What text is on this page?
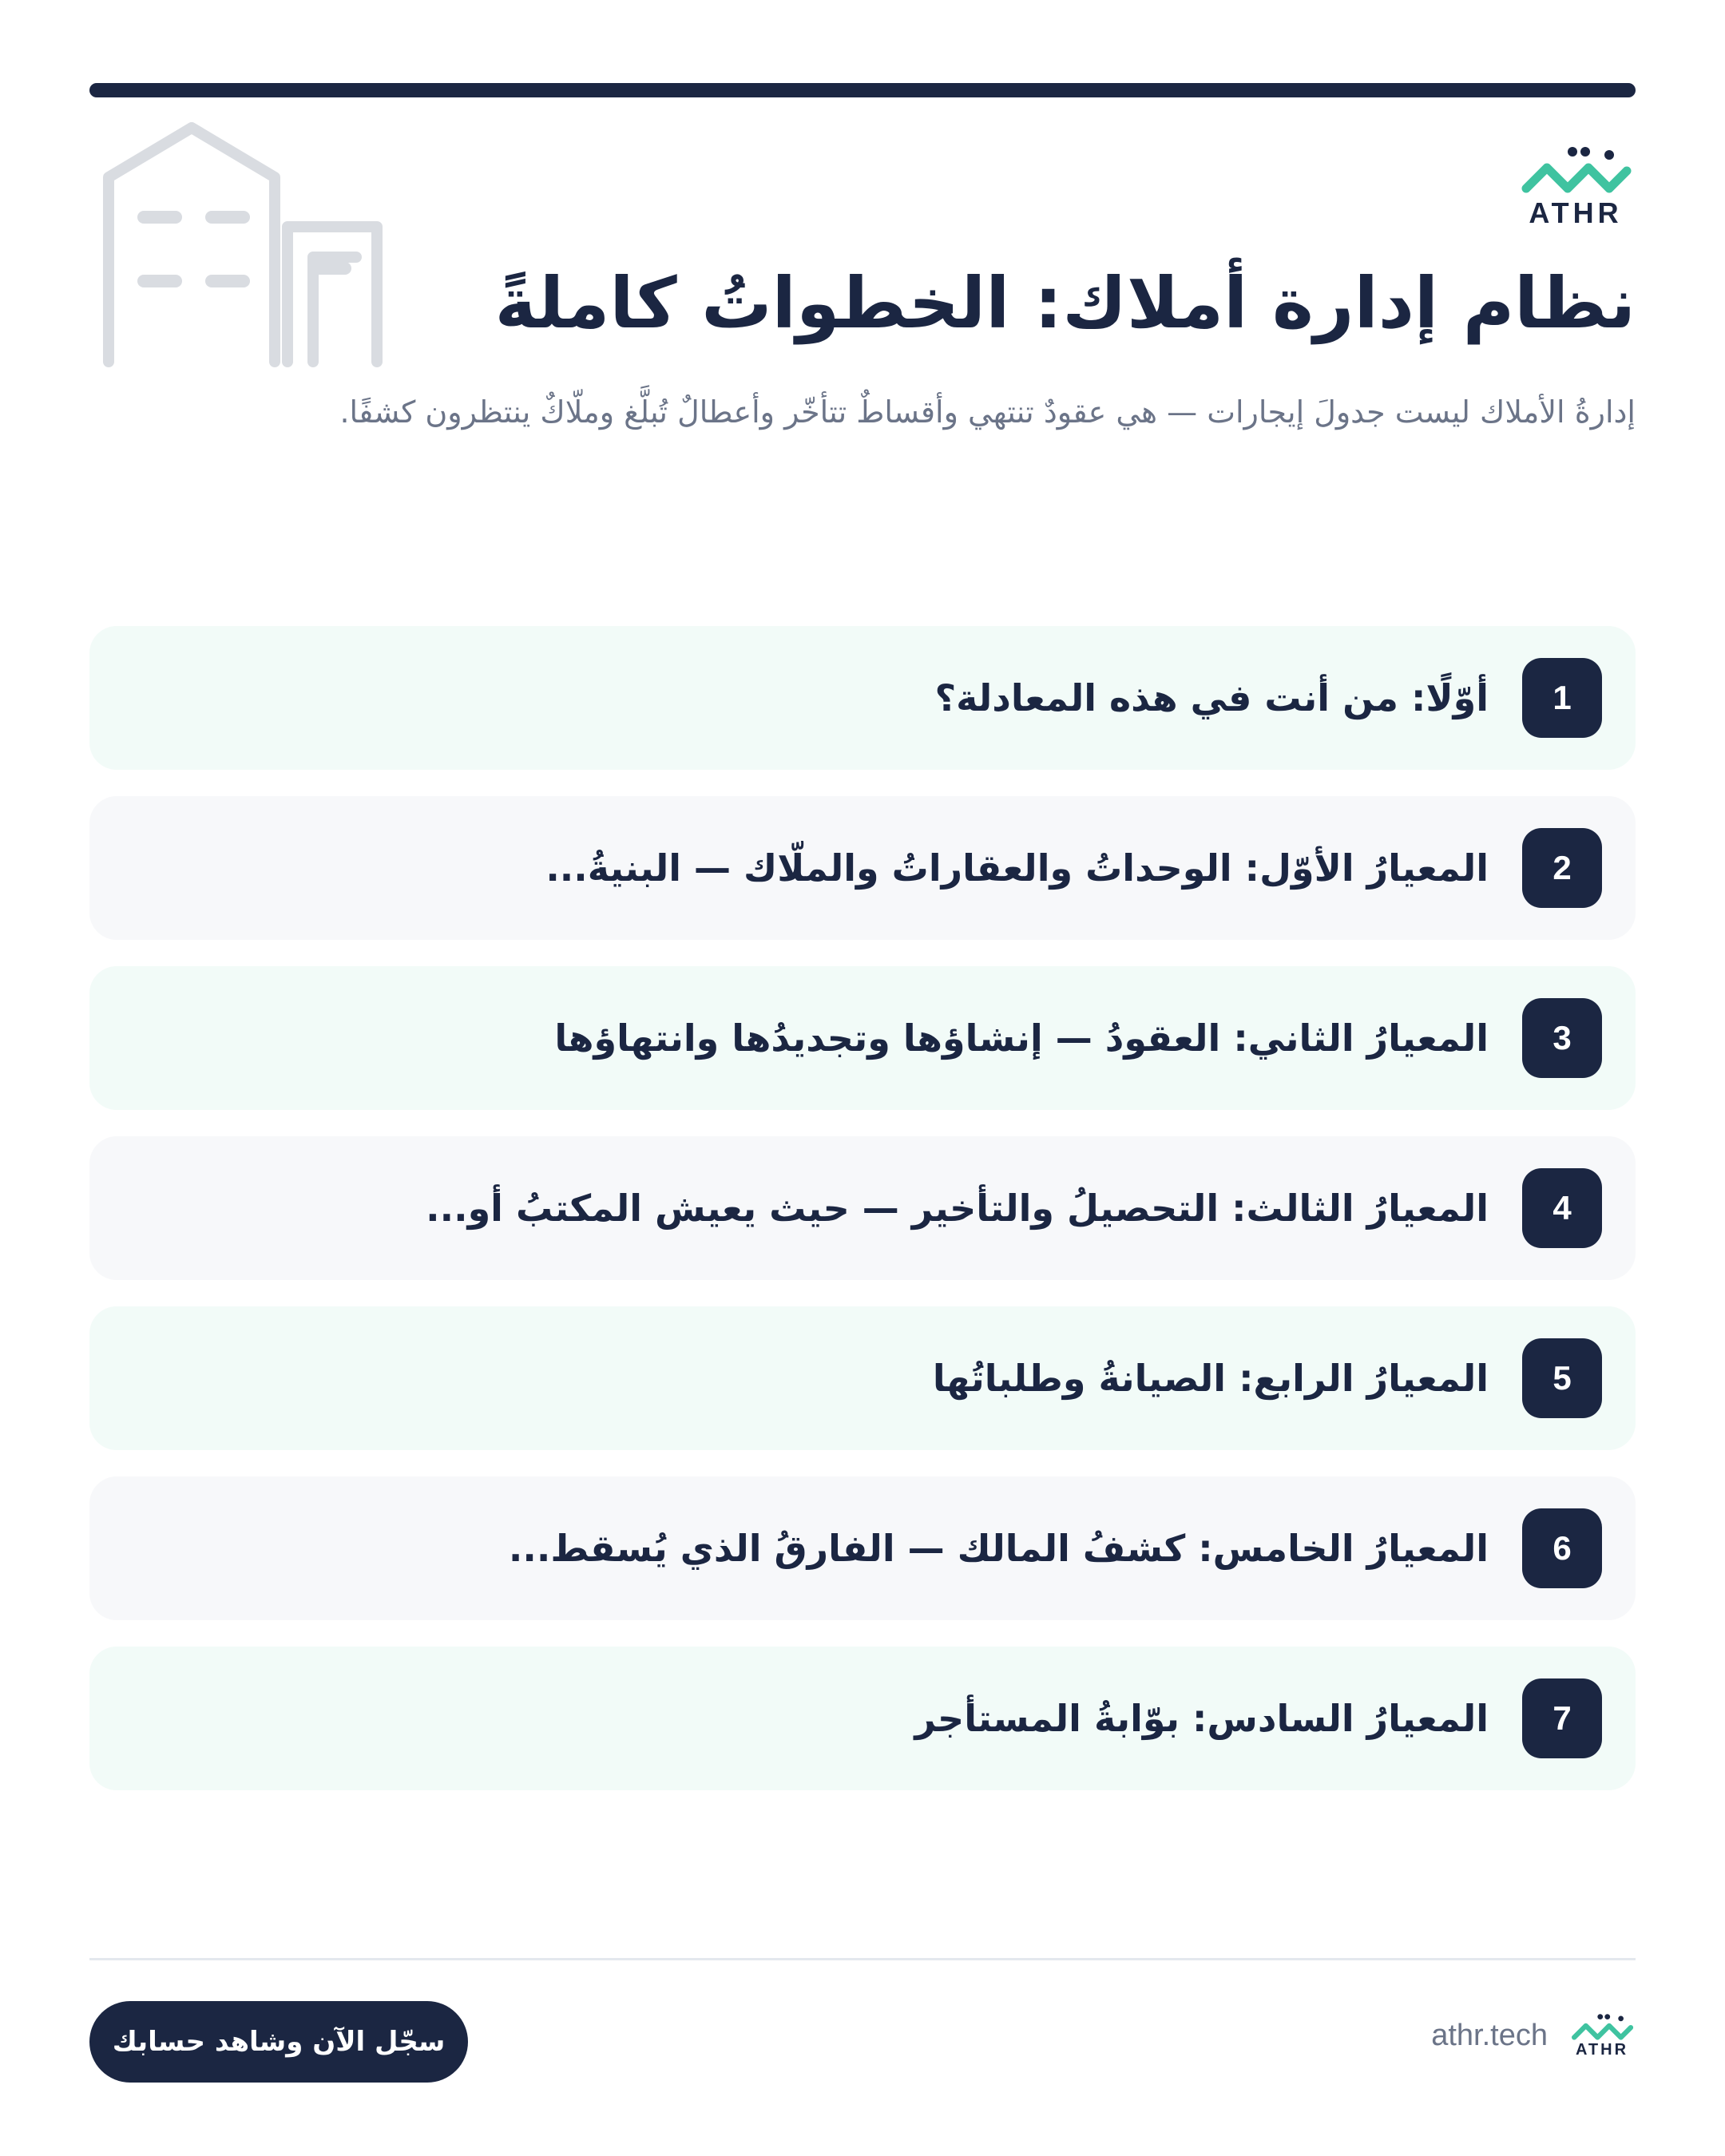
ATHR
نظام إدارة أملاك: الخطواتُ كاملةً

إدارةُ الأملاك ليست جدولَ إيجارات — هي عقودٌ تنتهي وأقساطٌ تتأخّر وأعطالٌ تُبلَّغ وملّاكٌ ينتظرون كشفًا.

1
أوّلًا: من أنت في هذه المعادلة؟
2
المعيارُ الأوّل: الوحداتُ والعقاراتُ والملّاك — البنيةُ...
3
المعيارُ الثاني: العقودُ — إنشاؤها وتجديدُها وانتهاؤها
4
المعيارُ الثالث: التحصيلُ والتأخير — حيث يعيش المكتبُ أو...
5
المعيارُ الرابع: الصيانةُ وطلباتُها
6
المعيارُ الخامس: كشفُ المالك — الفارقُ الذي يُسقط...
7
المعيارُ السادس: بوّابةُ المستأجر
سجّل الآن وشاهد حسابك	ATHR
athr.tech
